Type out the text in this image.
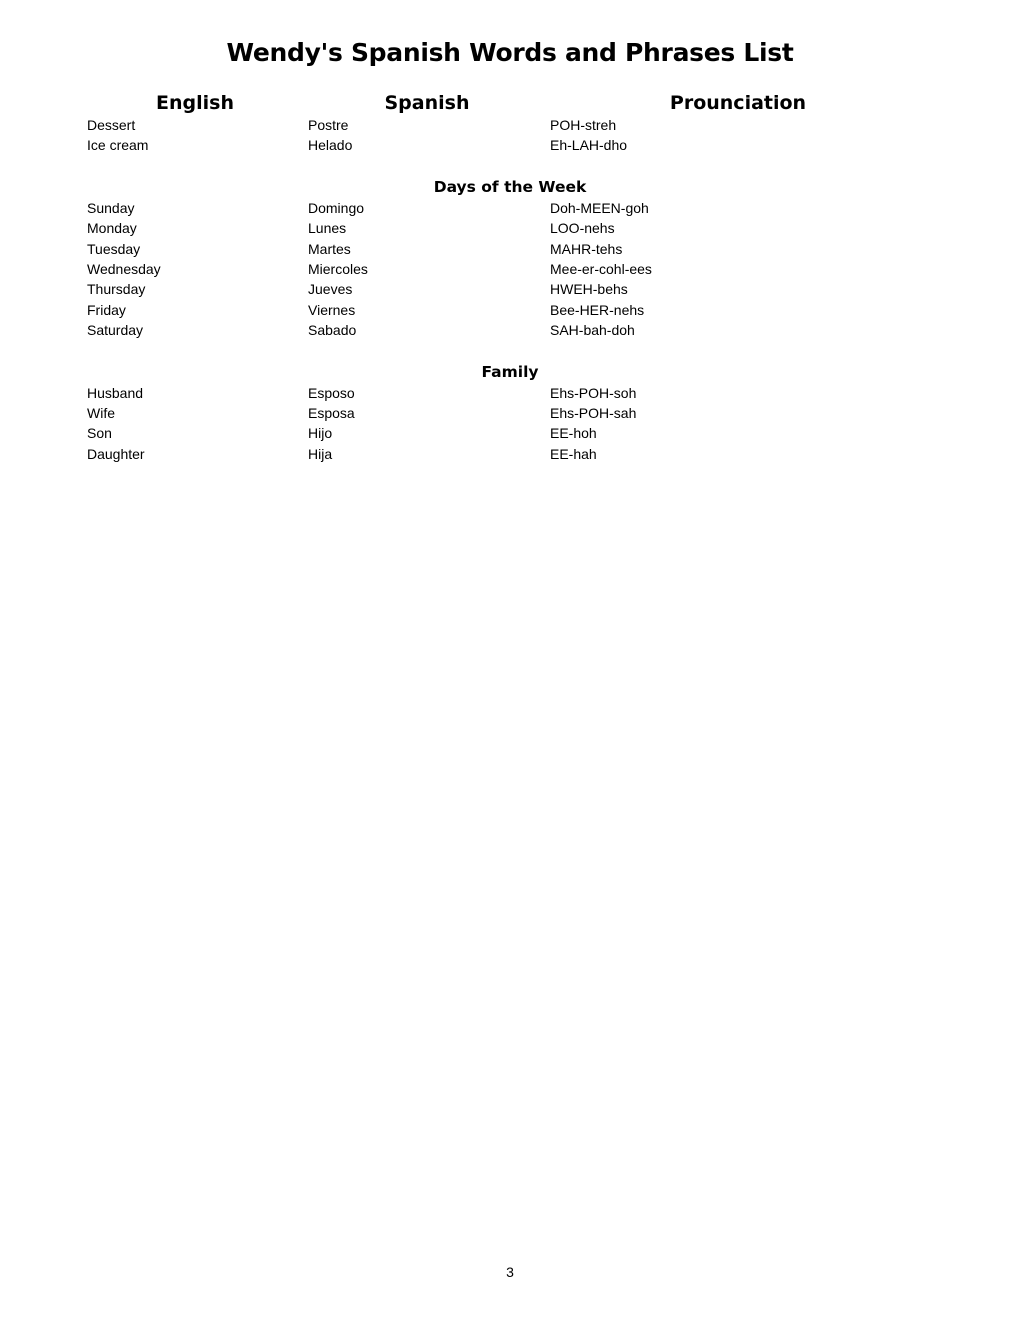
Wendy's Spanish Words and Phrases List
English	Spanish	Prounciation
Dessert	Postre	POH-streh
Ice cream	Helado	Eh-LAH-dho
Days of the Week
Sunday	Domingo	Doh-MEEN-goh
Monday	Lunes	LOO-nehs
Tuesday	Martes	MAHR-tehs
Wednesday	Miercoles	Mee-er-cohl-ees
Thursday	Jueves	HWEH-behs
Friday	Viernes	Bee-HER-nehs
Saturday	Sabado	SAH-bah-doh
Family
Husband	Esposo	Ehs-POH-soh
Wife	Esposa	Ehs-POH-sah
Son	Hijo	EE-hoh
Daughter	Hija	EE-hah
3
